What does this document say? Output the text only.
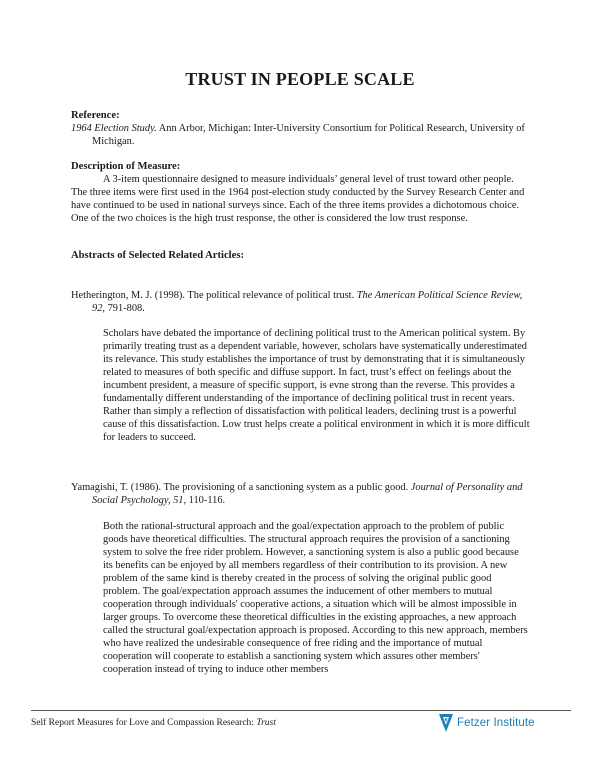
TRUST IN PEOPLE SCALE
Reference:
1964 Election Study. Ann Arbor, Michigan: Inter-University Consortium for Political Research, University of Michigan.
Description of Measure:
A 3-item questionnaire designed to measure individuals’ general level of trust toward other people. The three items were first used in the 1964 post-election study conducted by the Survey Research Center and have continued to be used in national surveys since. Each of the three items provides a dichotomous choice. One of the two choices is the high trust response, the other is considered the low trust response.
Abstracts of Selected Related Articles:
Hetherington, M. J. (1998). The political relevance of political trust. The American Political Science Review, 92, 791-808.
Scholars have debated the importance of declining political trust to the American political system. By primarily treating trust as a dependent variable, however, scholars have systematically underestimated its relevance. This study establishes the importance of trust by demonstrating that it is simultaneously related to measures of both specific and diffuse support. In fact, trust’s effect on feelings about the incumbent president, a measure of specific support, is evne strong than the reverse. This provides a fundamentally different understanding of the importance of declining political trust in recent years. Rather than simply a reflection of dissatisfaction with political leaders, declining trust is a powerful cause of this dissatisfaction. Low trust helps create a political environment in which it is more difficult for leaders to succeed.
Yamagishi, T. (1986). The provisioning of a sanctioning system as a public good. Journal of Personality and Social Psychology, 51, 110-116.
Both the rational-structural approach and the goal/expectation approach to the problem of public goods have theoretical difficulties. The structural approach requires the provision of a sanctioning system to solve the free rider problem. However, a sanctioning system is also a public good because its benefits can be enjoyed by all members regardless of their contribution to its provision. A new problem of the same kind is thereby created in the process of solving the original public good problem. The goal/expectation approach assumes the inducement of other members to mutual cooperation through individuals' cooperative actions, a situation which will be almost impossible in larger groups. To overcome these theoretical difficulties in the existing approaches, a new approach called the structural goal/expectation approach is proposed. According to this new approach, members who have realized the undesirable consequence of free riding and the importance of mutual cooperation will cooperate to establish a sanctioning system which assures other members' cooperation instead of trying to induce other members
Self Report Measures for Love and Compassion Research: Trust	Fetzer Institute
